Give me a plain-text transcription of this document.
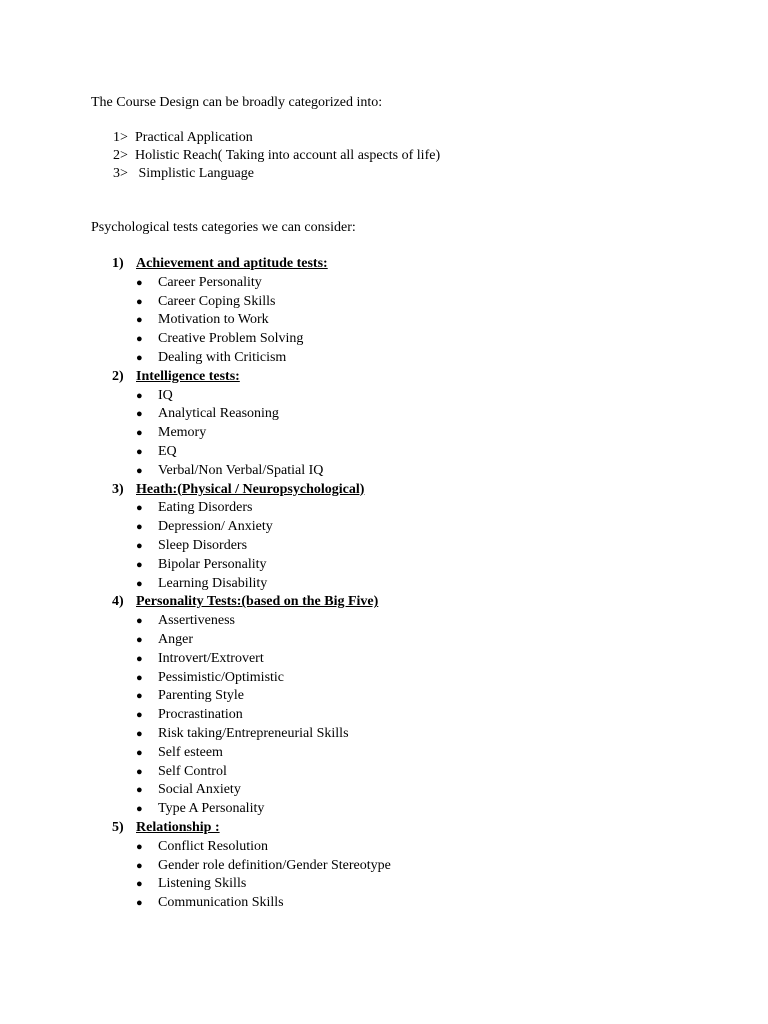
The Course Design can be broadly categorized into:
1> Practical Application
2> Holistic Reach( Taking into account all aspects of life)
3> Simplistic Language
Psychological tests categories we can consider:
1) Achievement and aptitude tests:
● Career Personality
● Career Coping Skills
● Motivation to Work
● Creative Problem Solving
● Dealing with Criticism
2) Intelligence tests:
● IQ
● Analytical Reasoning
● Memory
● EQ
● Verbal/Non Verbal/Spatial IQ
3) Heath:(Physical / Neuropsychological)
● Eating Disorders
● Depression/ Anxiety
● Sleep Disorders
● Bipolar Personality
● Learning Disability
4) Personality Tests:(based on the Big Five)
● Assertiveness
● Anger
● Introvert/Extrovert
● Pessimistic/Optimistic
● Parenting Style
● Procrastination
● Risk taking/Entrepreneurial Skills
● Self esteem
● Self Control
● Social Anxiety
● Type A Personality
5) Relationship :
● Conflict Resolution
● Gender role definition/Gender Stereotype
● Listening Skills
● Communication Skills
